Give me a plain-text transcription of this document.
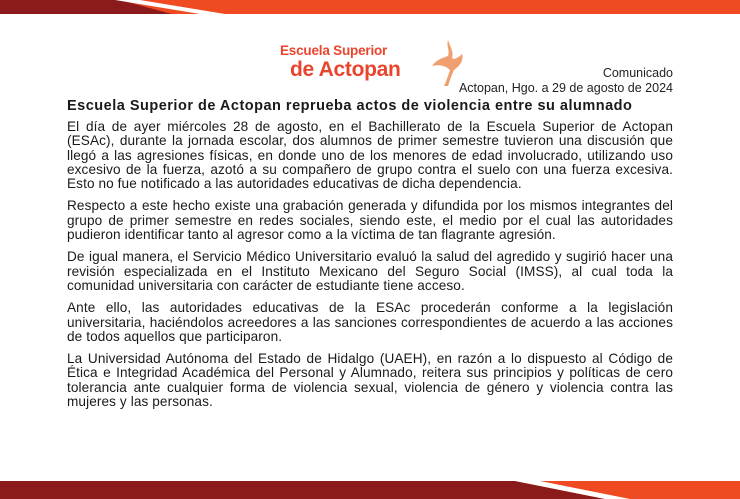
Escuela Superior
de Actopan	Comunicado
Actopan, Hgo. a 29 de agosto de 2024
Escuela Superior de Actopan reprueba actos de violencia entre su alumnado

El día de ayer miércoles 28 de agosto, en el Bachillerato de la Escuela Superior de Actopan (ESAc), durante la jornada escolar, dos alumnos de primer semestre tuvieron una discusión que llegó a las agresiones físicas, en donde uno de los menores de edad involucrado, utilizando uso excesivo de la fuerza, azotó a su compañero de grupo contra el suelo con una fuerza excesiva. Esto no fue notificado a las autoridades educativas de dicha dependencia.

Respecto a este hecho existe una grabación generada y difundida por los mismos integrantes del grupo de primer semestre en redes sociales, siendo este, el medio por el cual las autoridades pudieron identificar tanto al agresor como a la víctima de tan flagrante agresión.

De igual manera, el Servicio Médico Universitario evaluó la salud del agredido y sugirió hacer una revisión especializada en el Instituto Mexicano del Seguro Social (IMSS), al cual toda la comunidad universitaria con carácter de estudiante tiene acceso.

Ante ello, las autoridades educativas de la ESAc procederán conforme a la legislación universitaria, haciéndolos acreedores a las sanciones correspondientes de acuerdo a las acciones de todos aquellos que participaron.

La Universidad Autónoma del Estado de Hidalgo (UAEH), en razón a lo dispuesto al Código de Ética e Integridad Académica del Personal y Alumnado, reitera sus principios y políticas de cero tolerancia ante cualquier forma de violencia sexual, violencia de género y violencia contra las mujeres y las personas.
